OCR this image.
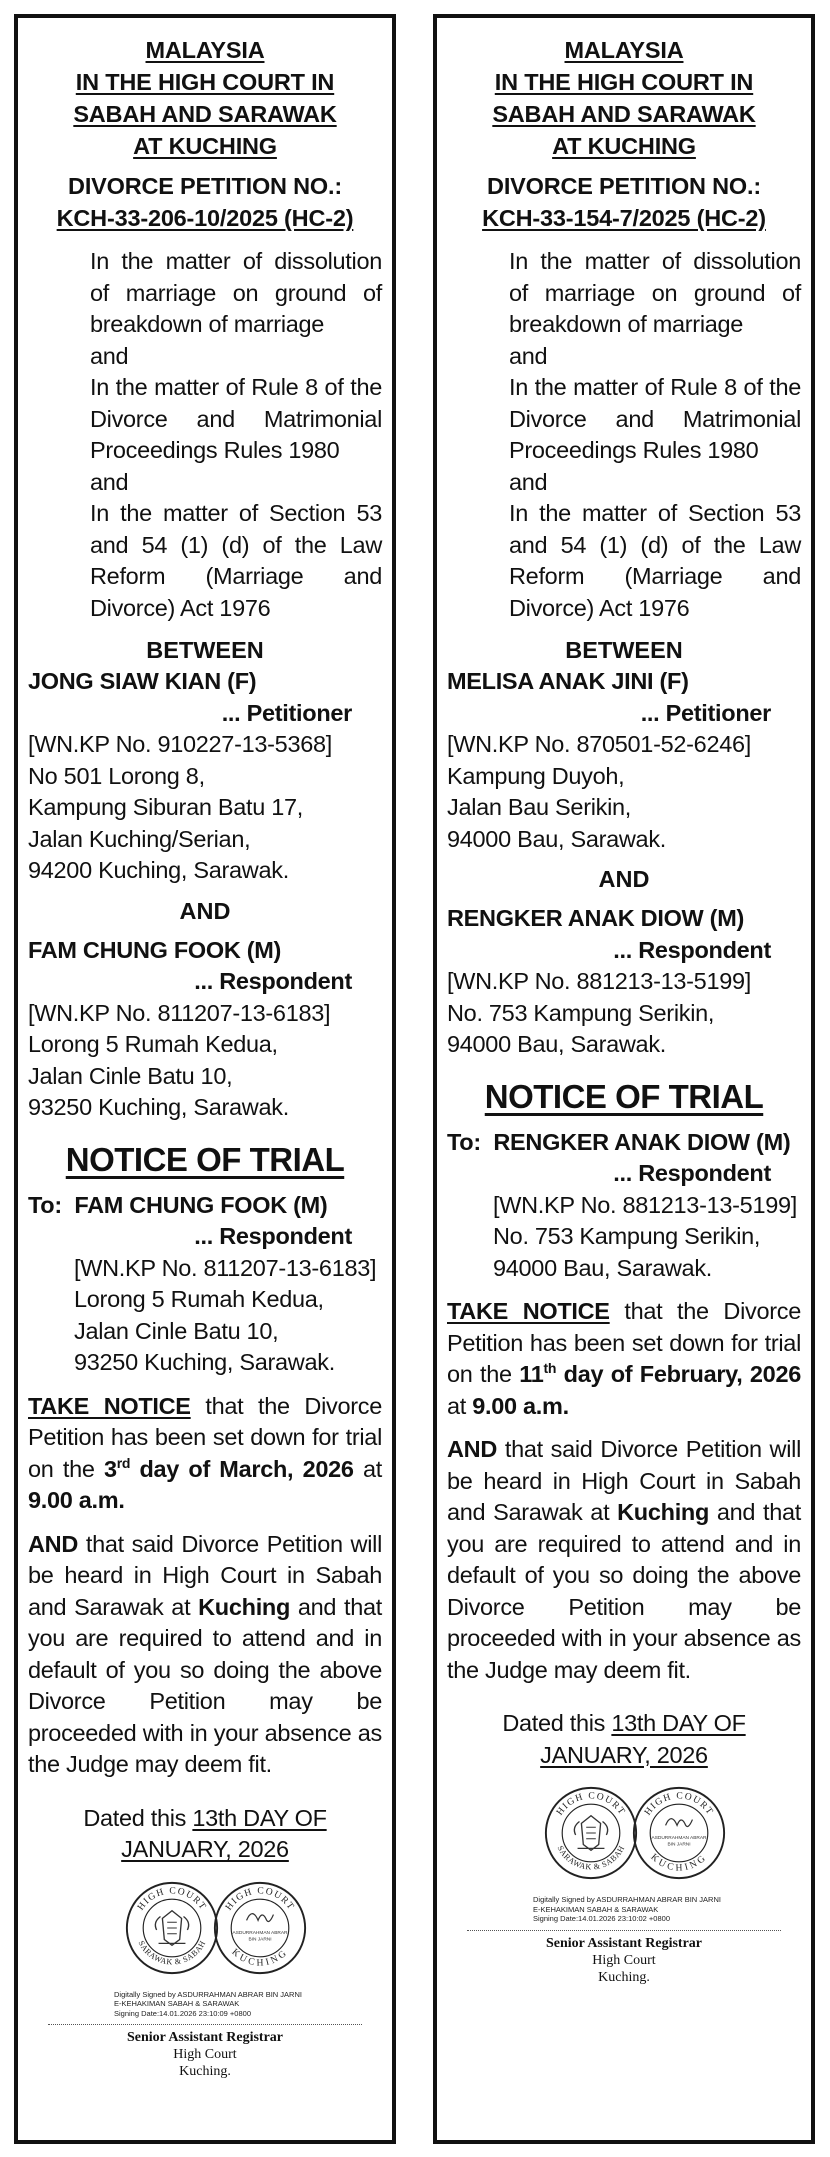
MALAYSIA
IN THE HIGH COURT IN
SABAH AND SARAWAK
AT KUCHING
DIVORCE PETITION NO.:
KCH-33-206-10/2025 (HC-2)
In the matter of dissolution of marriage on ground of breakdown of marriage
and
In the matter of Rule 8 of the Divorce and Matrimonial Proceedings Rules 1980
and
In the matter of Section 53 and 54 (1) (d) of the Law Reform (Marriage and Divorce) Act 1976
BETWEEN
JONG SIAW KIAN (F)
... Petitioner
[WN.KP No. 910227-13-5368]
No 501 Lorong 8,
Kampung Siburan Batu 17,
Jalan Kuching/Serian,
94200 Kuching, Sarawak.
AND
FAM CHUNG FOOK (M)
... Respondent
[WN.KP No. 811207-13-6183]
Lorong 5 Rumah Kedua,
Jalan Cinle Batu 10,
93250 Kuching, Sarawak.
NOTICE OF TRIAL
To: FAM CHUNG FOOK (M)
... Respondent
[WN.KP No. 811207-13-6183]
Lorong 5 Rumah Kedua,
Jalan Cinle Batu 10,
93250 Kuching, Sarawak.
TAKE NOTICE that the Divorce Petition has been set down for trial on the 3rd day of March, 2026 at 9.00 a.m.
AND that said Divorce Petition will be heard in High Court in Sabah and Sarawak at Kuching and that you are required to attend and in default of you so doing the above Divorce Petition may be proceeded with in your absence as the Judge may deem fit.
Dated this 13th DAY OF
JANUARY, 2026
HIGH COURT
SARAWAK & SABAH
HIGH COURT
KUCHING
ASDURRAHMAN ABRAR
BIN JARNI
Digitally Signed by ASDURRAHMAN ABRAR BIN JARNI
E-KEHAKIMAN SABAH & SARAWAK
Signing Date:14.01.2026 23:10:09 +0800
Senior Assistant Registrar
High Court
Kuching.
MALAYSIA
IN THE HIGH COURT IN
SABAH AND SARAWAK
AT KUCHING
DIVORCE PETITION NO.:
KCH-33-154-7/2025 (HC-2)
In the matter of dissolution of marriage on ground of breakdown of marriage
and
In the matter of Rule 8 of the Divorce and Matrimonial Proceedings Rules 1980
and
In the matter of Section 53 and 54 (1) (d) of the Law Reform (Marriage and Divorce) Act 1976
BETWEEN
MELISA ANAK JINI (F)
... Petitioner
[WN.KP No. 870501-52-6246]
Kampung Duyoh,
Jalan Bau Serikin,
94000 Bau, Sarawak.
AND
RENGKER ANAK DIOW (M)
... Respondent
[WN.KP No. 881213-13-5199]
No. 753 Kampung Serikin,
94000 Bau, Sarawak.
NOTICE OF TRIAL
To: RENGKER ANAK DIOW (M)
... Respondent
[WN.KP No. 881213-13-5199]
No. 753 Kampung Serikin,
94000 Bau, Sarawak.
TAKE NOTICE that the Divorce Petition has been set down for trial on the 11th day of February, 2026 at 9.00 a.m.
AND that said Divorce Petition will be heard in High Court in Sabah and Sarawak at Kuching and that you are required to attend and in default of you so doing the above Divorce Petition may be proceeded with in your absence as the Judge may deem fit.
Dated this 13th DAY OF
JANUARY, 2026
HIGH COURT
SARAWAK & SABAH
HIGH COURT
KUCHING
ASDURRAHMAN ABRAR
BIN JARNI
Digitally Signed by ASDURRAHMAN ABRAR BIN JARNI
E-KEHAKIMAN SABAH & SARAWAK
Signing Date:14.01.2026 23:10:02 +0800
Senior Assistant Registrar
High Court
Kuching.
